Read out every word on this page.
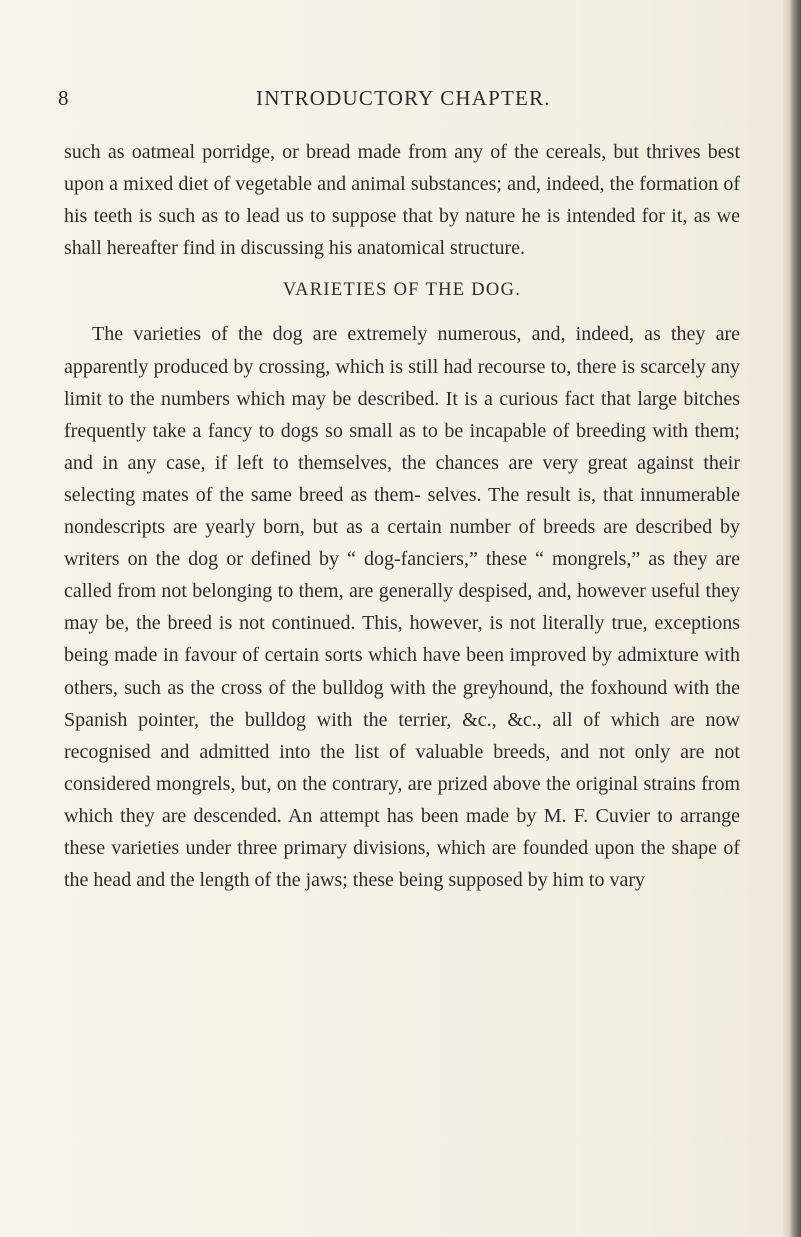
8	INTRODUCTORY CHAPTER.

such as oatmeal porridge, or bread made from any of the cereals, but thrives best upon a mixed diet of vegetable and animal substances; and, indeed, the formation of his teeth is such as to lead us to suppose that by nature he is intended for it, as we shall hereafter find in discussing his anatomical structure.

VARIETIES OF THE DOG.

The varieties of the dog are extremely numerous, and, indeed, as they are apparently produced by crossing, which is still had recourse to, there is scarcely any limit to the numbers which may be described. It is a curious fact that large bitches frequently take a fancy to dogs so small as to be incapable of breeding with them; and in any case, if left to themselves, the chances are very great against their selecting mates of the same breed as them- selves. The result is, that innumerable nondescripts are yearly born, but as a certain number of breeds are described by writers on the dog or defined by “ dog-fanciers,” these “ mongrels,” as they are called from not belonging to them, are generally despised, and, however useful they may be, the breed is not continued. This, however, is not literally true, exceptions being made in favour of certain sorts which have been improved by admixture with others, such as the cross of the bulldog with the greyhound, the foxhound with the Spanish pointer, the bulldog with the terrier, &c., &c., all of which are now recognised and admitted into the list of valuable breeds, and not only are not considered mongrels, but, on the contrary, are prized above the original strains from which they are descended. An attempt has been made by M. F. Cuvier to arrange these varieties under three primary divisions, which are founded upon the shape of the head and the length of the jaws; these being supposed by him to vary
